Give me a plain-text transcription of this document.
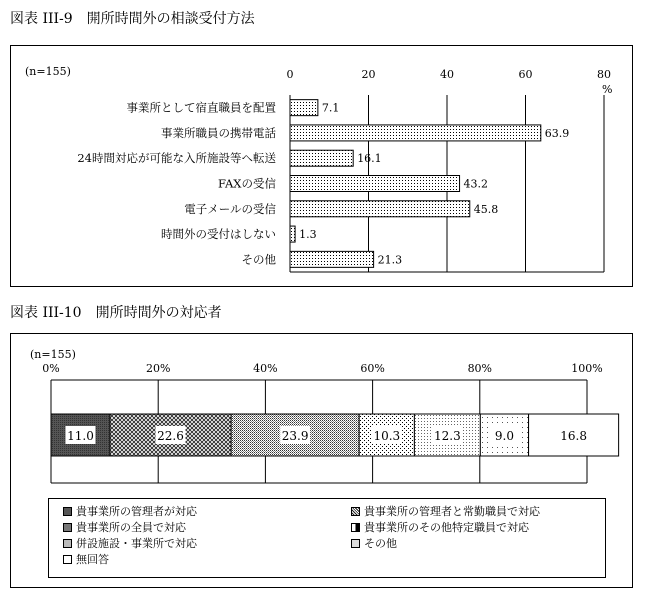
図表 III-9　開所時間外の相談受付方法
図表 III-10　開所時間外の対応者
(n=155)	0	20	40	60	80
%
事業所として宿直職員を配置	7.1
事業所職員の携帯電話	63.9
24時間対応が可能な入所施設等へ転送	16.1
FAXの受信	43.2
電子メールの受信	45.8
時間外の受付はしない 1.3
その他	21.3
(n=155)
0%	20%	40%	60%	80%	100%
11.0	22.6	23.9	10.3	12.3	9.0	16.8
貴事業所の管理者が対応	貴事業所の管理者と常勤職員で対応
貴事業所の全員で対応	貴事業所のその他特定職員で対応
併設施設・事業所で対応	その他
無回答
